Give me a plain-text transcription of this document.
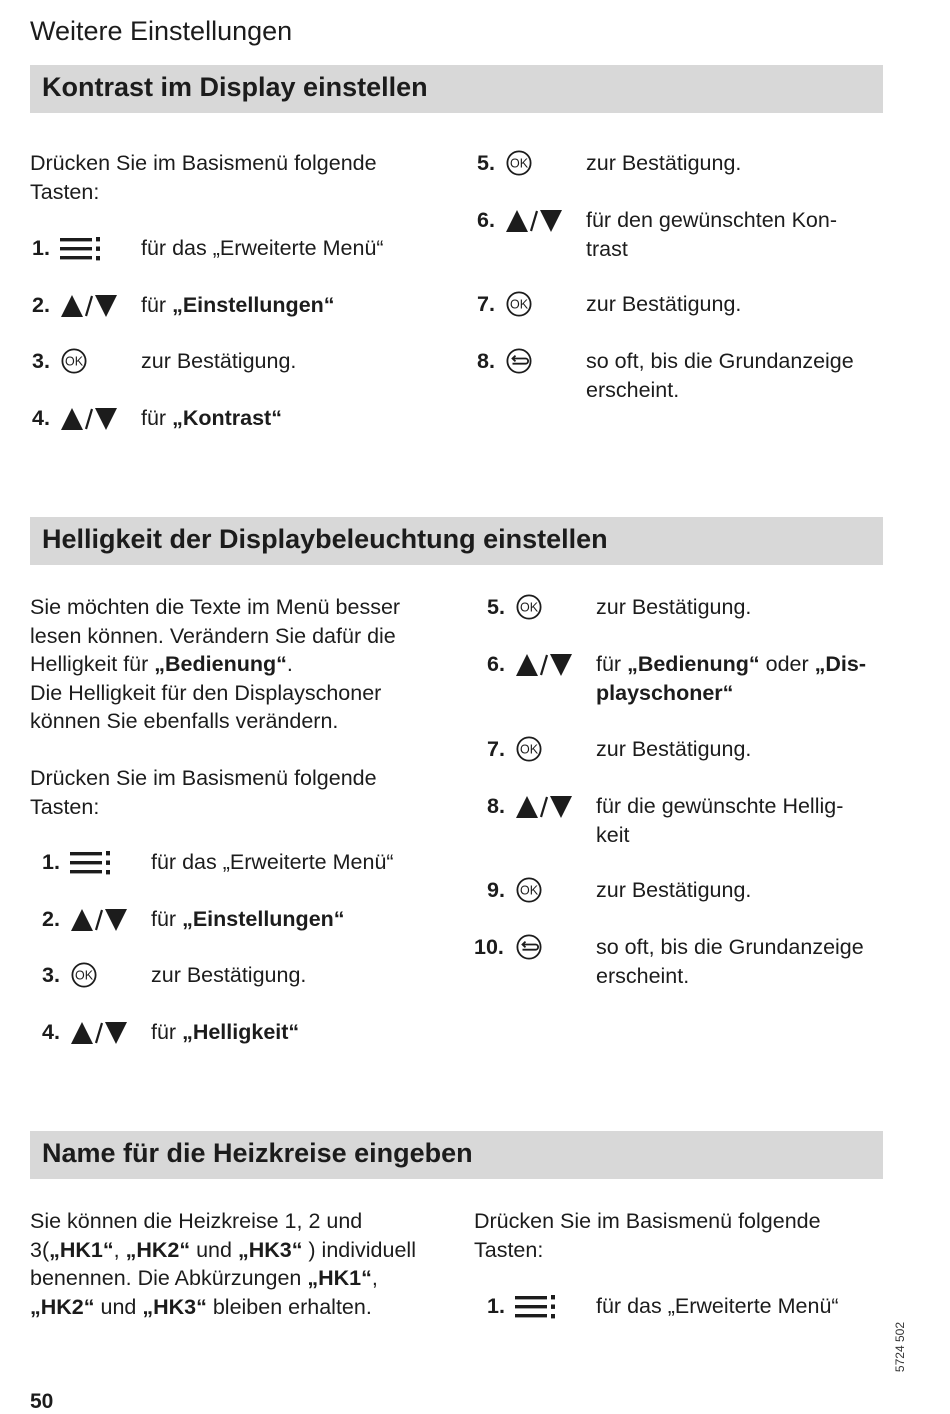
Weitere Einstellungen
Kontrast im Display einstellen
Drücken Sie im Basismenü folgende
Tasten:
1.	für das „Erweiterte Menü“
2.	für „Einstellungen“
3.	zur Bestätigung.
4.	für „Kontrast“
5.	zur Bestätigung.
6.	für den gewünschten Kon-
trast
7.	zur Bestätigung.
8.	so oft, bis die Grundanzeige
erscheint.
Helligkeit der Displaybeleuchtung einstellen
Sie möchten die Texte im Menü besser
lesen können. Verändern Sie dafür die
Helligkeit für „Bedienung“.
Die Helligkeit für den Displayschoner
können Sie ebenfalls verändern.
Drücken Sie im Basismenü folgende
Tasten:
1.	für das „Erweiterte Menü“
2.	für „Einstellungen“
3.	zur Bestätigung.
4.	für „Helligkeit“
5.	zur Bestätigung.
6.	für „Bedienung“ oder „Dis-
playschoner“
7.	zur Bestätigung.
8.	für die gewünschte Hellig-
keit
9.	zur Bestätigung.
10.	so oft, bis die Grundanzeige
erscheint.
Name für die Heizkreise eingeben
Sie können die Heizkreise 1, 2 und
3(„HK1“, „HK2“ und „HK3“ ) individuell
benennen. Die Abkürzungen „HK1“,
„HK2“ und „HK3“ bleiben erhalten.
Drücken Sie im Basismenü folgende
Tasten:
1.	für das „Erweiterte Menü“
50
5724 502
